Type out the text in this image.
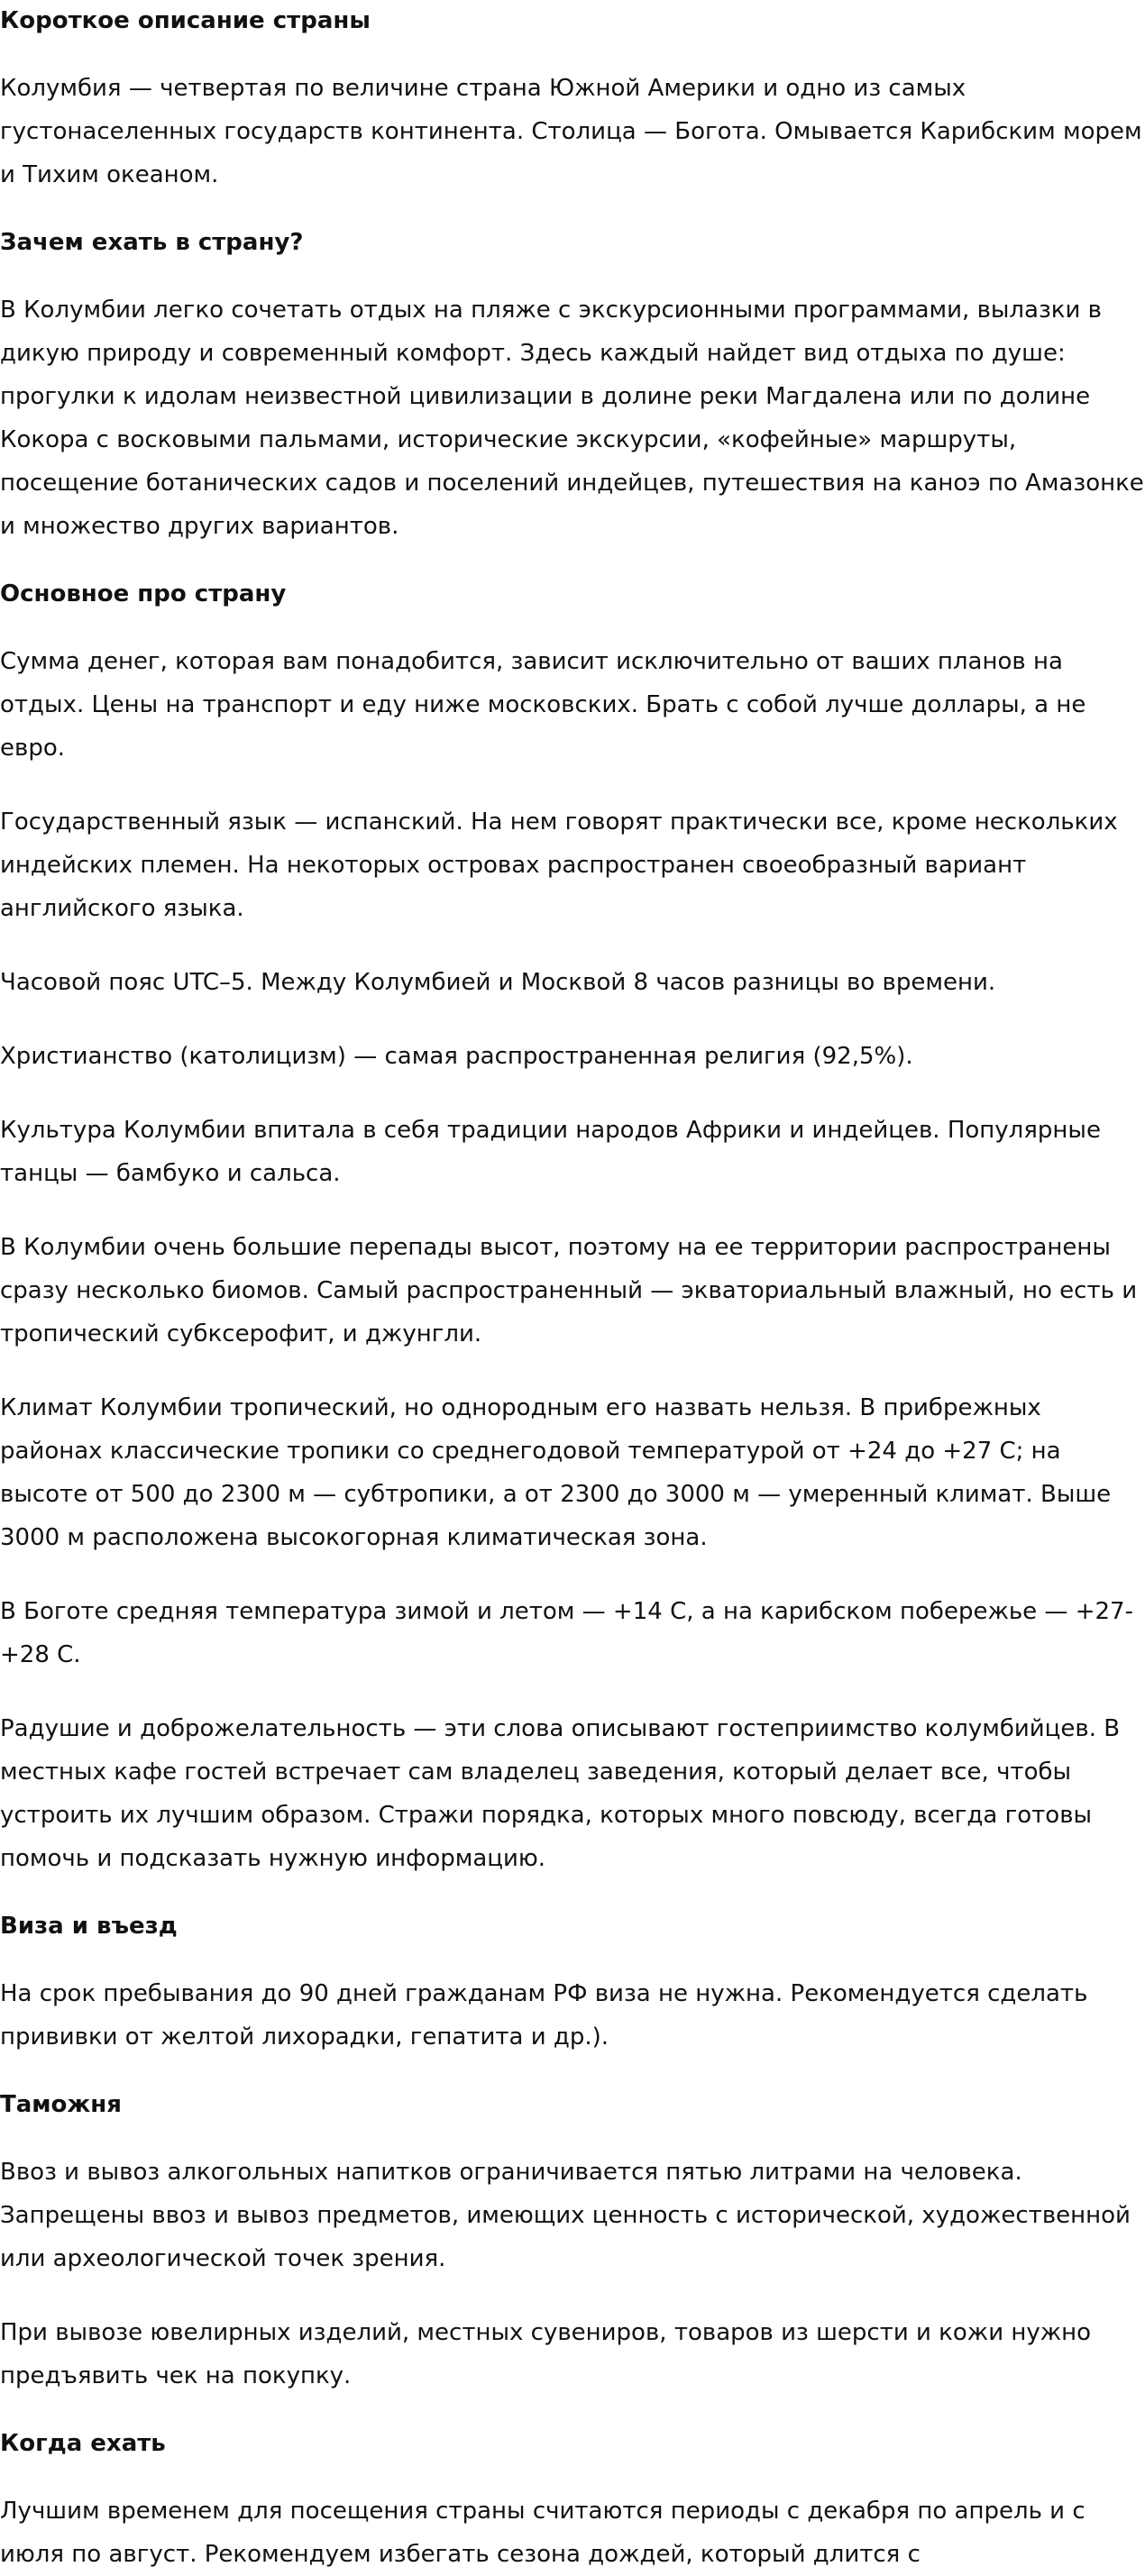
Короткое описание страны

Колумбия — четвертая по величине страна Южной Америки и одно из самых густонаселенных государств континента. Столица — Богота. Омывается Карибским морем и Тихим океаном.

Зачем ехать в страну?

В Колумбии легко сочетать отдых на пляже с экскурсионными программами, вылазки в дикую природу и современный комфорт. Здесь каждый найдет вид отдыха по душе: прогулки к идолам неизвестной цивилизации в долине реки Магдалена или по долине Кокора с восковыми пальмами, исторические экскурсии, «кофейные» маршруты, посещение ботанических садов и поселений индейцев, путешествия на каноэ по Амазонке и множество других вариантов.

Основное про страну

Сумма денег, которая вам понадобится, зависит исключительно от ваших планов на отдых. Цены на транспорт и еду ниже московских. Брать с собой лучше доллары, а не евро.

Государственный язык — испанский. На нем говорят практически все, кроме нескольких индейских племен. На некоторых островах распространен своеобразный вариант английского языка.

Часовой пояс UTC–5. Между Колумбией и Москвой 8 часов разницы во времени.

Христианство (католицизм) — самая распространенная религия (92,5%).

Культура Колумбии впитала в себя традиции народов Африки и индейцев. Популярные танцы — бамбуко и сальса.

В Колумбии очень большие перепады высот, поэтому на ее территории распространены сразу несколько биомов. Самый распространенный — экваториальный влажный, но есть и тропический субксерофит, и джунгли.

Климат Колумбии тропический, но однородным его назвать нельзя. В прибрежных районах классические тропики со среднегодовой температурой от +24 до +27 С; на высоте от 500 до 2300 м — субтропики, а от 2300 до 3000 м — умеренный климат. Выше 3000 м расположена высокогорная климатическая зона.

В Боготе средняя температура зимой и летом — +14 С, а на карибском побережье — +27-+28 С.

Радушие и доброжелательность — эти слова описывают гостеприимство колумбийцев. В местных кафе гостей встречает сам владелец заведения, который делает все, чтобы устроить их лучшим образом. Стражи порядка, которых много повсюду, всегда готовы помочь и подсказать нужную информацию.

Виза и въезд

На срок пребывания до 90 дней гражданам РФ виза не нужна. Рекомендуется сделать прививки от желтой лихорадки, гепатита и др.).

Таможня

Ввоз и вывоз алкогольных напитков ограничивается пятью литрами на человека. Запрещены ввоз и вывоз предметов, имеющих ценность с исторической, художественной или археологической точек зрения.

При вывозе ювелирных изделий, местных сувениров, товаров из шерсти и кожи нужно предъявить чек на покупку.

Когда ехать

Лучшим временем для посещения страны считаются периоды с декабря по апрель и с июля по август. Рекомендуем избегать сезона дождей, который длится с
